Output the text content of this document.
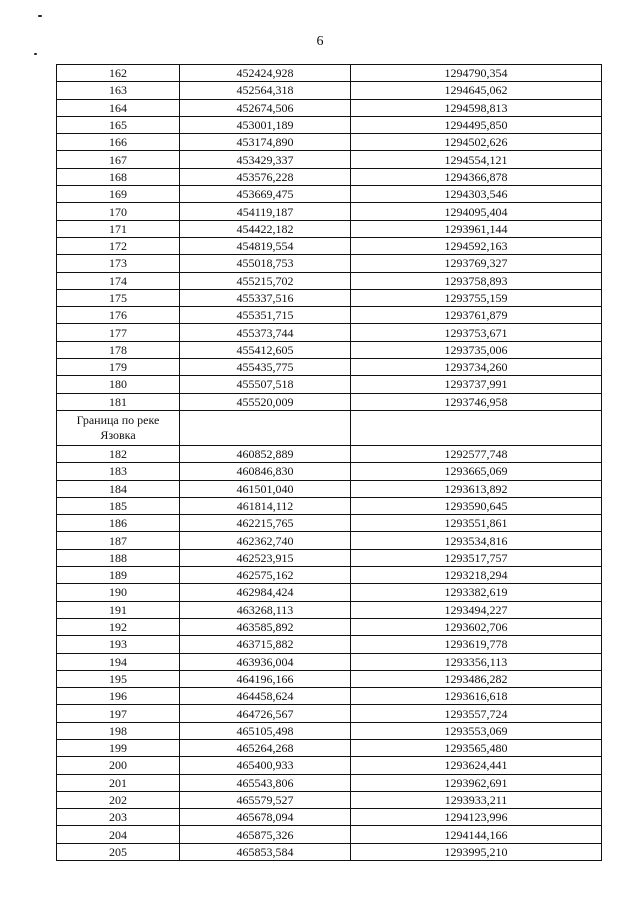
6
162	452424,928	1294790,354
163	452564,318	1294645,062
164	452674,506	1294598,813
165	453001,189	1294495,850
166	453174,890	1294502,626
167	453429,337	1294554,121
168	453576,228	1294366,878
169	453669,475	1294303,546
170	454119,187	1294095,404
171	454422,182	1293961,144
172	454819,554	1294592,163
173	455018,753	1293769,327
174	455215,702	1293758,893
175	455337,516	1293755,159
176	455351,715	1293761,879
177	455373,744	1293753,671
178	455412,605	1293735,006
179	455435,775	1293734,260
180	455507,518	1293737,991
181	455520,009	1293746,958
Граница по реке Язовка		
182	460852,889	1292577,748
183	460846,830	1293665,069
184	461501,040	1293613,892
185	461814,112	1293590,645
186	462215,765	1293551,861
187	462362,740	1293534,816
188	462523,915	1293517,757
189	462575,162	1293218,294
190	462984,424	1293382,619
191	463268,113	1293494,227
192	463585,892	1293602,706
193	463715,882	1293619,778
194	463936,004	1293356,113
195	464196,166	1293486,282
196	464458,624	1293616,618
197	464726,567	1293557,724
198	465105,498	1293553,069
199	465264,268	1293565,480
200	465400,933	1293624,441
201	465543,806	1293962,691
202	465579,527	1293933,211
203	465678,094	1294123,996
204	465875,326	1294144,166
205	465853,584	1293995,210
